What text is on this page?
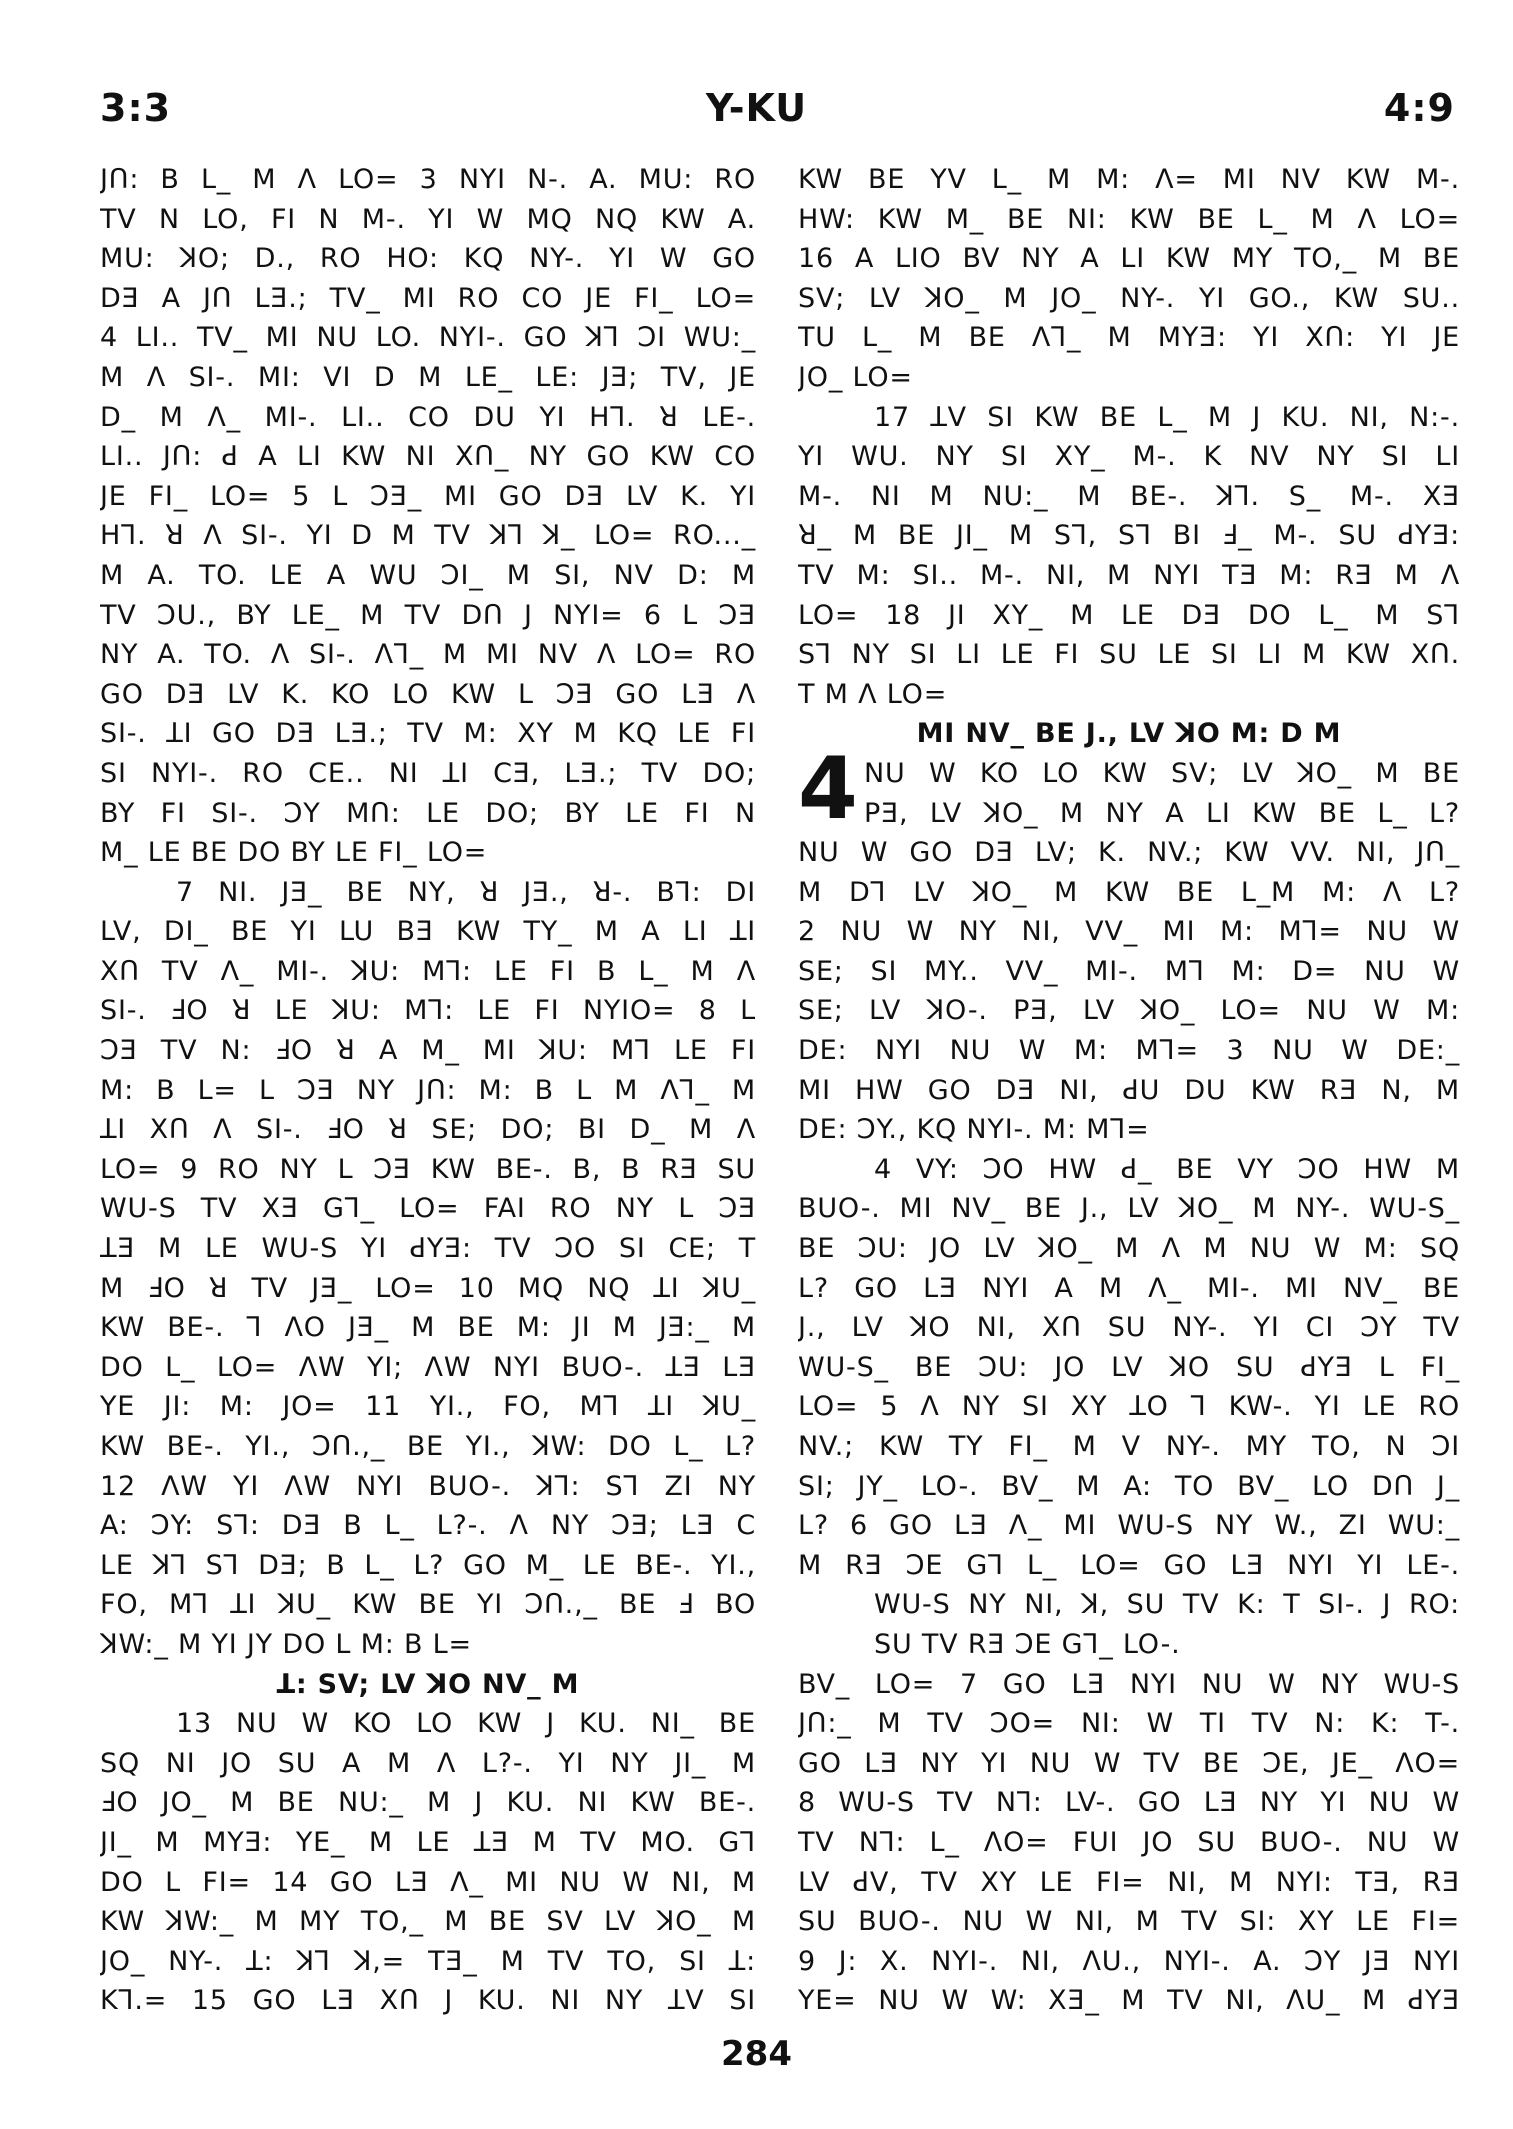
3:3	Y-KU	4:9
JՈ: B L_ M Λ LO= 3 NYI N-. A. MU: RO
TV N LO, FI N M-. YI W MQ NQ KW A.
MU: ꓘO; D., RO HO: KQ NY-. YI W GO
DƎ A JՈ LƎ.; TV_ MI RO CO JE FI_ LO=
4 LI.. TV_ MI NU LO. NYI-. GO ꓘꓶ ꓛI WU:_
M Λ SI-. MI: VI D M LE_ LE: JƎ; TV, JE
D_ M Λ_ MI-. LI.. CO DU YI Hꓶ. ꓤ LE-.
LI.. JՈ: ꓒ A LI KW NI XՈ_ NY GO KW CO
JE FI_ LO= 5 L ꓛƎ_ MI GO DƎ LV K. YI
Hꓶ. ꓤ Λ SI-. YI D M TV ꓘꓶ ꓘ_ LO= RO..._
M A. TO. LE A WU ꓛI_ M SI, NV D: M
TV ꓛU., BY LE_ M TV DՈ J NYI= 6 L ꓛƎ
NY A. TO. Λ SI-. Λꓶ_ M MI NV Λ LO= RO
GO DƎ LV K. KO LO KW L ꓛƎ GO LƎ Λ
SI-. ꓕI GO DƎ LƎ.; TV M: XY M KQ LE FI
SI NYI-. RO CE.. NI ꓕI CƎ, LƎ.; TV DO;
BY FI SI-. ꓛY MՈ: LE DO; BY LE FI N
M_ LE BE DO BY LE FI_ LO=
7 NI. JƎ_ BE NY, ꓤ JƎ., ꓤ-. Bꓶ: DI
LV, DI_ BE YI LU BƎ KW TY_ M A LI ꓕI
XՈ TV Λ_ MI-. ꓘU: Mꓶ: LE FI B L_ M Λ
SI-. ꓞO ꓤ LE ꓘU: Mꓶ: LE FI NYIO= 8 L
ꓛƎ TV N: ꓞO ꓤ A M_ MI ꓘU: Mꓶ LE FI
M: B L= L ꓛƎ NY JՈ: M: B L M Λꓶ_ M
ꓕI XՈ Λ SI-. ꓞO ꓤ SE; DO; BI D_ M Λ
LO= 9 RO NY L ꓛƎ KW BE-. B, B RƎ SU
WU-S TV XƎ Gꓶ_ LO= FAI RO NY L ꓛƎ
ꓕƎ M LE WU-S YI ꓒYƎ: TV ꓛO SI CE; T
M ꓞO ꓤ TV JƎ_ LO= 10 MQ NQ ꓕI ꓘU_
KW BE-. ꓶ ΛO JƎ_ M BE M: JI M JƎ:_ M
DO L_ LO= ΛW YI; ΛW NYI BUO-. ꓕƎ LƎ
YE JI: M: JO= 11 YI., FO, Mꓶ ꓕI ꓘU_
KW BE-. YI., ꓛՈ.,_ BE YI., ꓘW: DO L_ L?
12 ΛW YI ΛW NYI BUO-. ꓘꓶ: Sꓶ ZI NY
A: ꓛY: Sꓶ: DƎ B L_ L?-. Λ NY ꓛƎ; LƎ C
LE ꓘꓶ Sꓶ DƎ; B L_ L? GO M_ LE BE-. YI.,
FO, Mꓶ ꓕI ꓘU_ KW BE YI ꓛՈ.,_ BE ꓞ BO
ꓘW:_ M YI JY DO L M: B L=
ꓕ: SV; LV ꓘO NV_ M
13 NU W KO LO KW J KU. NI_ BE
SQ NI JO SU A M Λ L?-. YI NY JI_ M
ꓞO JO_ M BE NU:_ M J KU. NI KW BE-.
JI_ M MYƎ: YE_ M LE ꓕƎ M TV MO. Gꓶ
DO L FI= 14 GO LƎ Λ_ MI NU W NI, M
KW ꓘW:_ M MY TO,_ M BE SV LV ꓘO_ M
JO_ NY-. ꓕ: ꓘꓶ ꓘ,= TƎ_ M TV TO, SI ꓕ:
Kꓶ.= 15 GO LƎ XՈ J KU. NI NY ꓕV SI
KW BE YV L_ M M: Λ= MI NV KW M-.
HW: KW M_ BE NI: KW BE L_ M Λ LO=
16 A LIO BV NY A LI KW MY TO,_ M BE
SV; LV ꓘO_ M JO_ NY-. YI GO., KW SU..
TU L_ M BE Λꓶ_ M MYƎ: YI XՈ: YI JE
JO_ LO=
17 ꓕV SI KW BE L_ M J KU. NI, N:-.
YI WU. NY SI XY_ M-. K NV NY SI LI
M-. NI M NU:_ M BE-. ꓘꓶ. S_ M-. XƎ
ꓤ_ M BE JI_ M Sꓶ, Sꓶ BI ꓞ_ M-. SU ꓒYƎ:
TV M: SI.. M-. NI, M NYI TƎ M: RƎ M Λ
LO= 18 JI XY_ M LE DƎ DO L_ M Sꓶ
Sꓶ NY SI LI LE FI SU LE SI LI M KW XՈ.
T M Λ LO=
MI NV_ BE J., LV ꓘO M: D M
NU W KO LO KW SV; LV ꓘO_ M BE
4 PƎ, LV ꓘO_ M NY A LI KW BE L_ L?
NU W GO DƎ LV; K. NV.; KW VV. NI, JՈ_
M Dꓶ LV ꓘO_ M KW BE L_M M: Λ L?
2 NU W NY NI, VV_ MI M: Mꓶ= NU W
SE; SI MY.. VV_ MI-. Mꓶ M: D= NU W
SE; LV ꓘO-. PƎ, LV ꓘO_ LO= NU W M:
DE: NYI NU W M: Mꓶ= 3 NU W DE:_
MI HW GO DƎ NI, ꓒU DU KW RƎ N, M
DE: ꓛY., KQ NYI-. M: Mꓶ=
4 VY: ꓛO HW ꓒ_ BE VY ꓛO HW M
BUO-. MI NV_ BE J., LV ꓘO_ M NY-. WU-S_
BE ꓛU: JO LV ꓘO_ M Λ M NU W M: SQ
L? GO LƎ NYI A M Λ_ MI-. MI NV_ BE
J., LV ꓘO NI, XՈ SU NY-. YI CI ꓛY TV
WU-S_ BE ꓛU: JO LV ꓘO SU ꓒYƎ L FI_
LO= 5 Λ NY SI XY ꓕO ꓶ KW-. YI LE RO
NV.; KW TY FI_ M V NY-. MY TO, N ꓛI
SI; JY_ LO-. BV_ M A: TO BV_ LO DՈ J_
L? 6 GO LƎ Λ_ MI WU-S NY W., ZI WU:_
M RƎ ꓛE Gꓶ L_ LO= GO LƎ NYI YI LE-.
WU-S NY NI, ꓘ, SU TV K: T SI-. J RO:
SU TV RƎ ꓛE Gꓶ_ LO-.
BV_ LO= 7 GO LƎ NYI NU W NY WU-S
JՈ:_ M TV ꓛO= NI: W TI TV N: K: T-.
GO LƎ NY YI NU W TV BE ꓛE, JE_ ΛO=
8 WU-S TV Nꓶ: LV-. GO LƎ NY YI NU W
TV Nꓶ: L_ ΛO= FUI JO SU BUO-. NU W
LV ꓒV, TV XY LE FI= NI, M NYI: TƎ, RƎ
SU BUO-. NU W NI, M TV SI: XY LE FI=
9 J: X. NYI-. NI, ΛU., NYI-. A. ꓛY JƎ NYI
YE= NU W W: XƎ_ M TV NI, ΛU_ M ꓒYƎ
284
